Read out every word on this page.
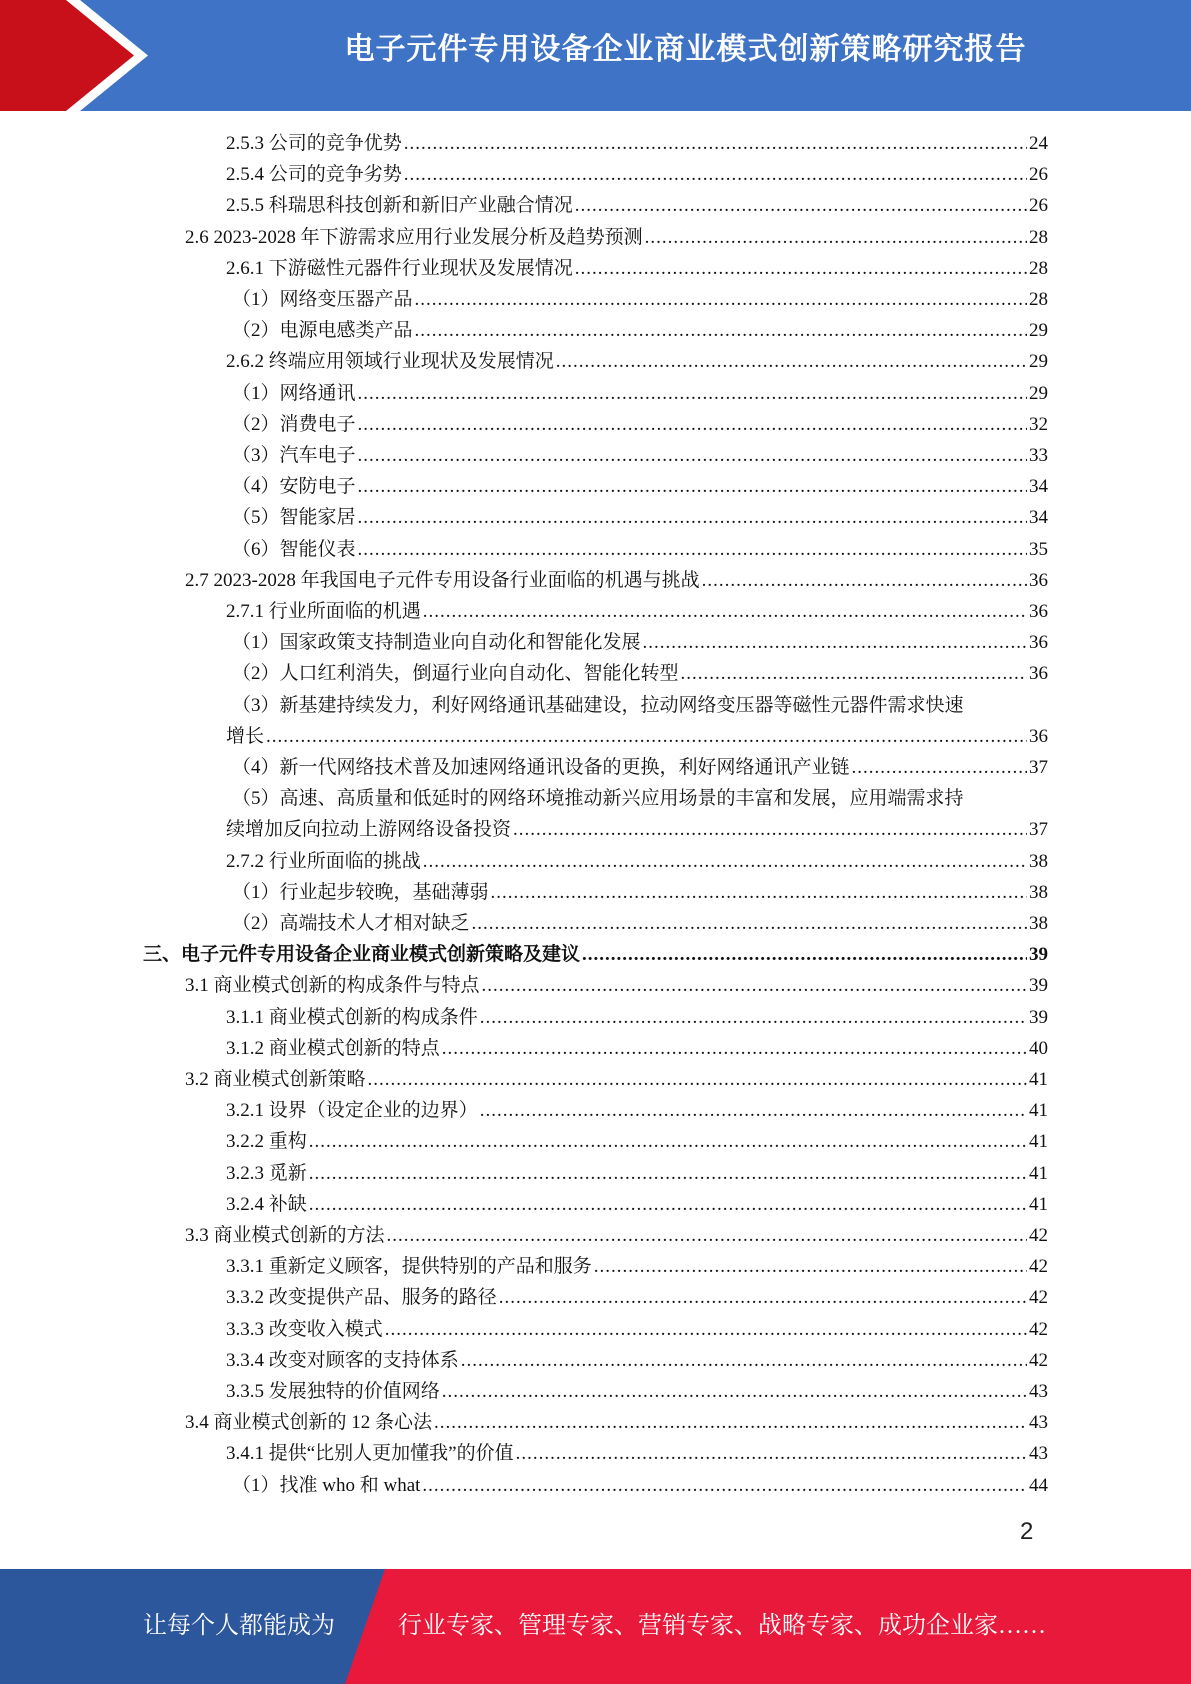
电子元件专用设备企业商业模式创新策略研究报告
2.5.3 公司的竞争优势 .....	24
2.5.4 公司的竞争劣势 .....	26
2.5.5 科瑞思科技创新和新旧产业融合情况 .....	26
2.6 2023-2028 年下游需求应用行业发展分析及趋势预测 .....	28
2.6.1 下游磁性元器件行业现状及发展情况 .....	28
（1）网络变压器产品 .....	28
（2）电源电感类产品 .....	29
2.6.2 终端应用领域行业现状及发展情况 .....	29
（1）网络通讯 .....	29
（2）消费电子 .....	32
（3）汽车电子 .....	33
（4）安防电子 .....	34
（5）智能家居 .....	34
（6）智能仪表 .....	35
2.7 2023-2028 年我国电子元件专用设备行业面临的机遇与挑战 .....	36
2.7.1 行业所面临的机遇 .....	36
（1）国家政策支持制造业向自动化和智能化发展 .....	36
（2）人口红利消失，倒逼行业向自动化、智能化转型 .....	36
（3）新基建持续发力，利好网络通讯基础建设，拉动网络变压器等磁性元器件需求快速
增长 .....	36
（4）新一代网络技术普及加速网络通讯设备的更换，利好网络通讯产业链 .....	37
（5）高速、高质量和低延时的网络环境推动新兴应用场景的丰富和发展，应用端需求持
续增加反向拉动上游网络设备投资 .....	37
2.7.2 行业所面临的挑战 .....	38
（1）行业起步较晚，基础薄弱 .....	38
（2）高端技术人才相对缺乏 .....	38
三、电子元件专用设备企业商业模式创新策略及建议 .....	39
3.1 商业模式创新的构成条件与特点 .....	39
3.1.1 商业模式创新的构成条件 .....	39
3.1.2 商业模式创新的特点 .....	40
3.2 商业模式创新策略 .....	41
3.2.1 设界（设定企业的边界） .....	41
3.2.2 重构 .....	41
3.2.3 觅新 .....	41
3.2.4 补缺 .....	41
3.3 商业模式创新的方法 .....	42
3.3.1 重新定义顾客，提供特别的产品和服务 .....	42
3.3.2 改变提供产品、服务的路径 .....	42
3.3.3 改变收入模式 .....	42
3.3.4 改变对顾客的支持体系 .....	42
3.3.5 发展独特的价值网络 .....	43
3.4 商业模式创新的 12 条心法 .....	43
3.4.1 提供“比别人更加懂我”的价值 .....	43
（1）找准 who 和 what .....	44
2
让每个人都能成为	行业专家、管理专家、营销专家、战略专家、成功企业家……
